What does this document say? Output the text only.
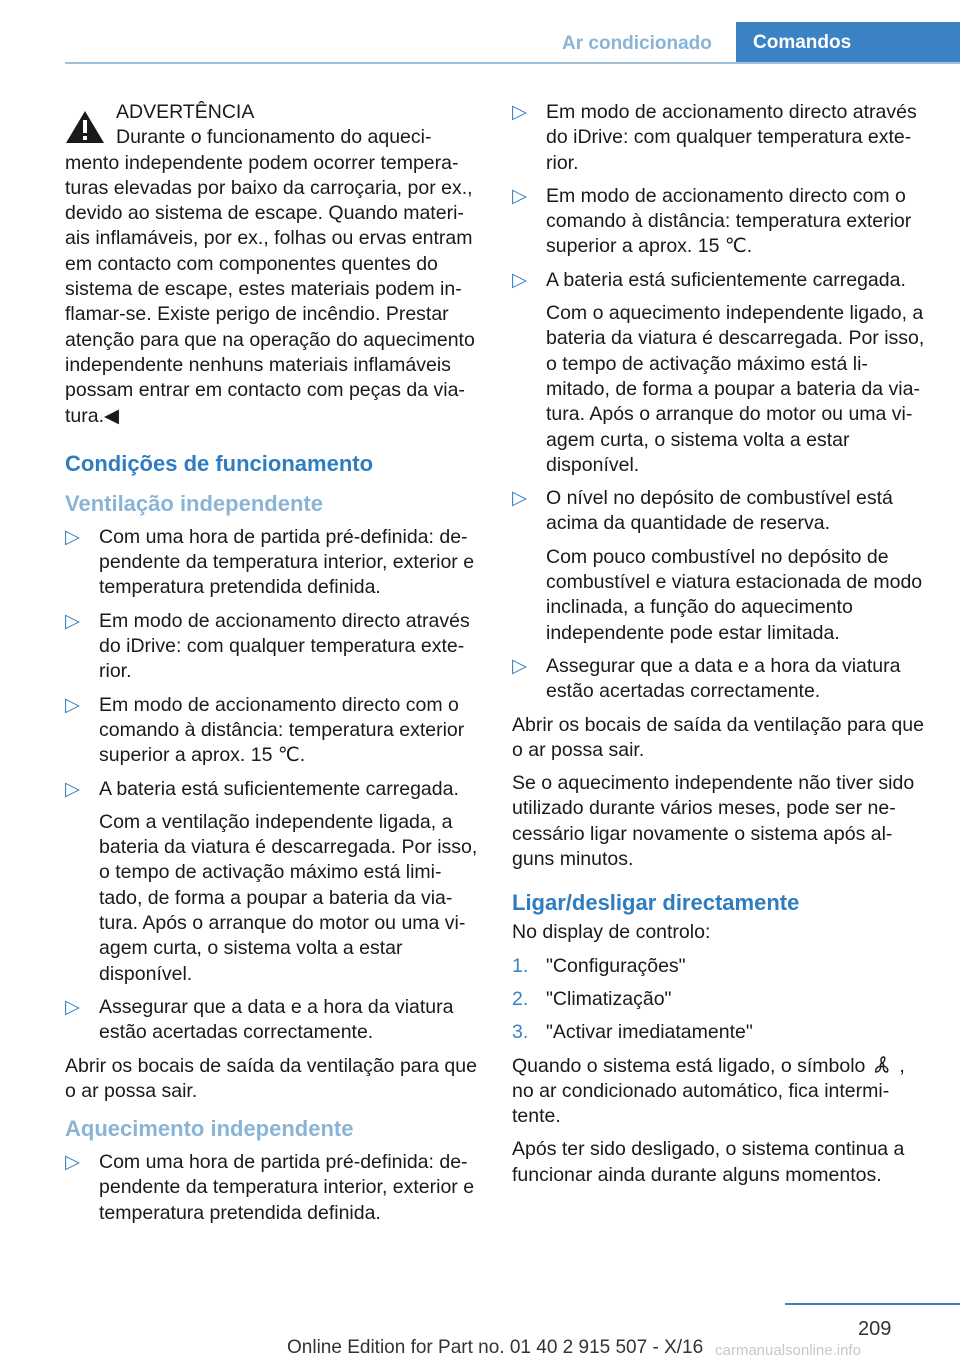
Ar condicionado	Comandos

ADVERTÊNCIA

Durante o funcionamento do aqueci-

mento independente podem ocorrer tempera-turas elevadas por baixo da carroçaria, por ex., devido ao sistema de escape. Quando materi-ais inflamáveis, por ex., folhas ou ervas entram em contacto com componentes quentes do sistema de escape, estes materiais podem in-flamar-se. Existe perigo de incêndio. Prestar atenção para que na operação do aquecimento independente nenhuns materiais inflamáveis possam entrar em contacto com peças da via-tura.◀

Condições de funcionamento
Ventilação independente
▷ Com uma hora de partida pré-definida: de-pendente da temperatura interior, exterior e temperatura pretendida definida.

▷ Em modo de accionamento directo através do iDrive: com qualquer temperatura exte-rior.

▷ Em modo de accionamento directo com o comando à distância: temperatura exterior superior a aprox. 15 ℃.

▷ A bateria está suficientemente carregada.

Com a ventilação independente ligada, a bateria da viatura é descarregada. Por isso, o tempo de activação máximo está limi-tado, de forma a poupar a bateria da via-tura. Após o arranque do motor ou uma vi-agem curta, o sistema volta a estar disponível.

▷ Assegurar que a data e a hora da viatura estão acertadas correctamente.

Abrir os bocais de saída da ventilação para que o ar possa sair.

Aquecimento independente
▷ Com uma hora de partida pré-definida: de-pendente da temperatura interior, exterior e temperatura pretendida definida.

▷ Em modo de accionamento directo através do iDrive: com qualquer temperatura exte-rior.

▷ Em modo de accionamento directo com o comando à distância: temperatura exterior superior a aprox. 15 ℃.

▷ A bateria está suficientemente carregada.

Com o aquecimento independente ligado, a bateria da viatura é descarregada. Por isso, o tempo de activação máximo está li-mitado, de forma a poupar a bateria da via-tura. Após o arranque do motor ou uma vi-agem curta, o sistema volta a estar disponível.

▷ O nível no depósito de combustível está acima da quantidade de reserva.

Com pouco combustível no depósito de combustível e viatura estacionada de modo inclinada, a função do aquecimento independente pode estar limitada.

▷ Assegurar que a data e a hora da viatura estão acertadas correctamente.

Abrir os bocais de saída da ventilação para que o ar possa sair.

Se o aquecimento independente não tiver sido utilizado durante vários meses, pode ser ne-cessário ligar novamente o sistema após al-guns minutos.

Ligar/desligar directamente

No display de controlo:

1. "Configurações"
2. "Climatização"
3. "Activar imediatamente"

Quando o sistema está ligado, o símbolo , no ar condicionado automático, fica intermi-tente.

Após ter sido desligado, o sistema continua a funcionar ainda durante alguns momentos.

209
Online Edition for Part no. 01 40 2 915 507 - X/16 carmanualsonline.info
